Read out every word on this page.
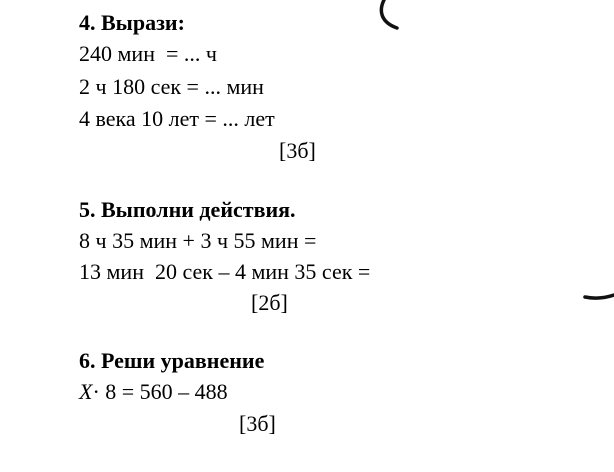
4. Вырази:
240 мин  = ... ч
2 ч 180 сек = ... мин
4 века 10 лет = ... лет
[3б]
5. Выполни действия.
8 ч 35 мин + 3 ч 55 мин =
13 мин  20 сек – 4 мин 35 сек =
[2б]
6. Реши уравнение
X· 8 = 560 – 488
[3б]
